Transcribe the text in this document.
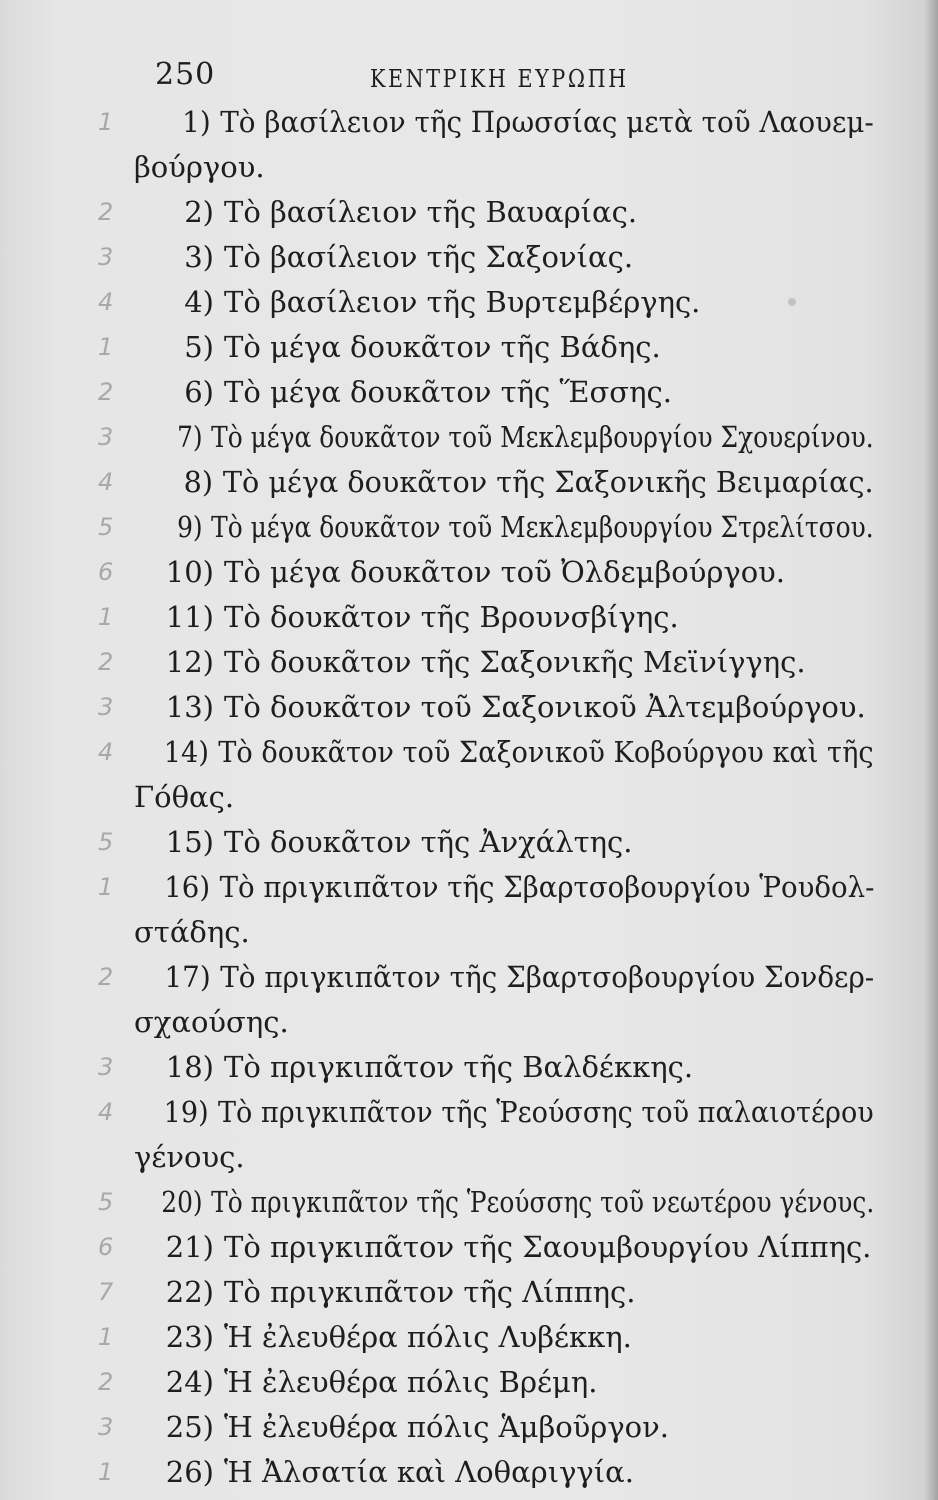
250	ΚΕΝΤΡΙΚΗ ΕΥΡΩΠΗ
1	1) Τὸ βασίλειον τῆς Πρωσσίας μετὰ τοῦ Λαουεμ-
βούργου.
2	2) Τὸ βασίλειον τῆς Βαυαρίας.
3	3) Τὸ βασίλειον τῆς Σαξονίας.
4	4) Τὸ βασίλειον τῆς Βυρτεμβέργης.
1	5) Τὸ μέγα δουκᾶτον τῆς Βάδης.
2	6) Τὸ μέγα δουκᾶτον τῆς Ἕσσης.
3	7) Τὸ μέγα δουκᾶτον τοῦ Μεκλεμβουργίου Σχουερίνου.
4	8) Τὸ μέγα δουκᾶτον τῆς Σαξονικῆς Βειμαρίας.
5	9) Τὸ μέγα δουκᾶτον τοῦ Μεκλεμβουργίου Στρελίτσου.
6	10) Τὸ μέγα δουκᾶτον τοῦ Ὀλδεμβούργου.
1	11) Τὸ δουκᾶτον τῆς Βρουνσβίγης.
2	12) Τὸ δουκᾶτον τῆς Σαξονικῆς Μεϊνίγγης.
3	13) Τὸ δουκᾶτον τοῦ Σαξονικοῦ Ἀλτεμβούργου.
4	14) Τὸ δουκᾶτον τοῦ Σαξονικοῦ Κοβούργου καὶ τῆς
Γόθας.
5	15) Τὸ δουκᾶτον τῆς Ἀνχάλτης.
1	16) Τὸ πριγκιπᾶτον τῆς Σβαρτσοβουργίου Ῥουδολ-
στάδης.
2	17) Τὸ πριγκιπᾶτον τῆς Σβαρτσοβουργίου Σονδερ-
σχαούσης.
3	18) Τὸ πριγκιπᾶτον τῆς Βαλδέκκης.
4	19) Τὸ πριγκιπᾶτον τῆς Ῥεούσσης τοῦ παλαιοτέρου
γένους.
5	20) Τὸ πριγκιπᾶτον τῆς Ῥεούσσης τοῦ νεωτέρου γένους.
6	21) Τὸ πριγκιπᾶτον τῆς Σαουμβουργίου Λίππης.
7	22) Τὸ πριγκιπᾶτον τῆς Λίππης.
1	23) Ἡ ἐλευθέρα πόλις Λυβέκκη.
2	24) Ἡ ἐλευθέρα πόλις Βρέμη.
3	25) Ἡ ἐλευθέρα πόλις Ἁμβοῦργον.
1	26) Ἡ Ἀλσατία καὶ Λοθαριγγία.
